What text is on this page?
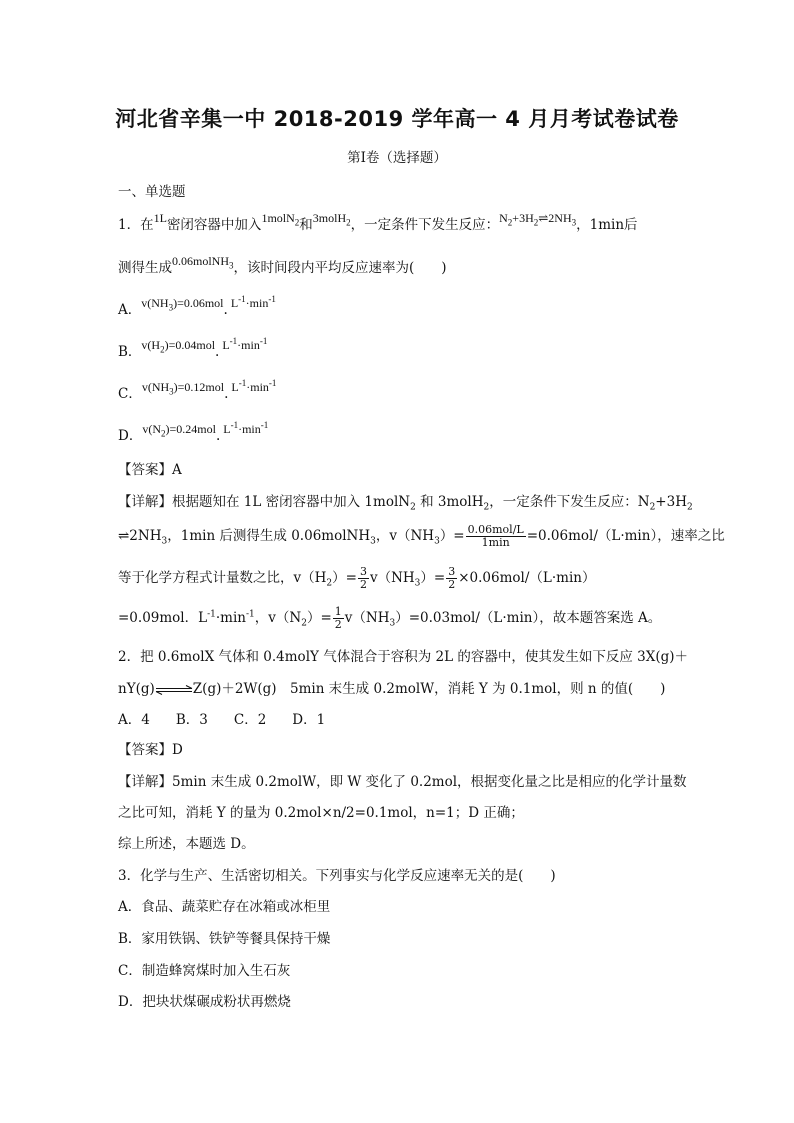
河北省辛集一中 2018-2019 学年高一 4 月月考试卷试卷
第Ⅰ卷（选择题）
一、单选题
1．在1L密闭容器中加入1molN$_2$和3molH$_2$，一定条件下发生反应：$N_2+3H_2\rightleftharpoons 2NH_3$，1min后
测得生成0.06molNH$_3$，该时间段内平均反应速率为(　　)
A．$v(NH_3)=0.06mol$. $L^{-1}\cdot\min^{-1}$
B．$v(H_2)=0.04mol$. $L^{-1}\cdot\min^{-1}$
C．$v(NH_3)=0.12mol$. $L^{-1}\cdot\min^{-1}$
D．$v(N_2)=0.24mol$. $L^{-1}\cdot\min^{-1}$
【答案】A
【详解】根据题知在 1L 密闭容器中加入 1molN$_2$ 和 3molH$_2$，一定条件下发生反应：$N_2+3H_2$
$\rightleftharpoons 2NH_3$，1min 后测得生成 0.06molNH$_3$，$v(NH_3)= \frac{\text{0.06mol/L}}{1\min} =0.06mol/(L\cdot\min)$，速率之比
等于化学方程式计量数之比，$v(H_2)= \frac{3}{2} v(NH_3)= \frac{3}{2} \times 0.06mol/(L\cdot\min)$
=0.09mol．$L^{-1}\cdot\min^{-1}$，$v(N_2)= \frac{1}{2} v(NH_3)=0.03mol/(L\cdot\min)$，故本题答案选 A。
2．把 0.6molX 气体和 0.4molY 气体混合于容积为 2L 的容器中，使其发生如下反应 3X(g)＋
nY(g)⇌Z(g)＋2W(g)　5min 末生成 0.2molW，消耗 Y 为 0.1mol，则 n 的值(　　)
A．4 B．3 C．2 D．1
【答案】D
【详解】5min 末生成 0.2molW，即 W 变化了 0.2mol，根据变化量之比是相应的化学计量数
之比可知，消耗 Y 的量为 0.2mol×n/2=0.1mol，n=1；D 正确；
综上所述，本题选 D。
3．化学与生产、生活密切相关。下列事实与化学反应速率无关的是(　　)
A．食品、蔬菜贮存在冰箱或冰柜里
B．家用铁锅、铁铲等餐具保持干燥
C．制造蜂窝煤时加入生石灰
D．把块状煤碾成粉状再燃烧
